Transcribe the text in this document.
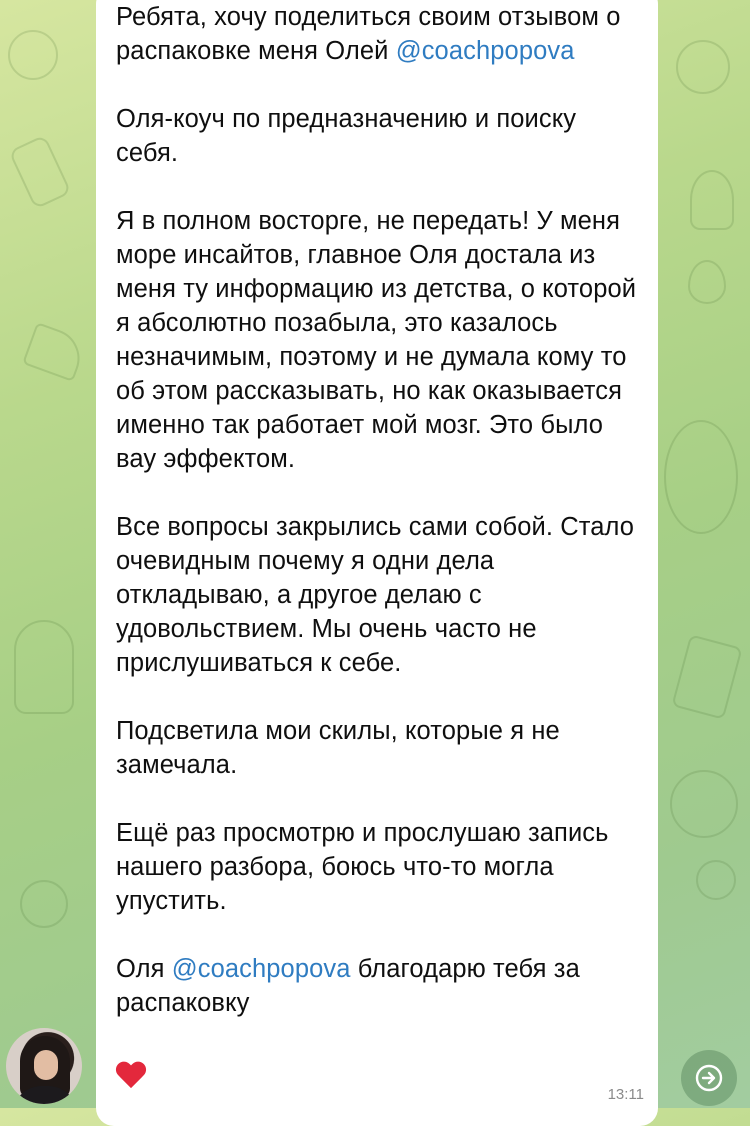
Ребята, хочу поделиться своим отзывом о распаковке меня Олей @coachpopova

Оля-коуч по предназначению и поиску себя.

Я в полном восторге, не передать! У меня море инсайтов, главное Оля достала из меня ту информацию из детства, о которой я абсолютно позабыла, это казалось незначимым, поэтому и не думала кому то об этом рассказывать, но как оказывается именно так работает мой мозг. Это было вау эффектом.

Все вопросы закрылись сами собой. Стало очевидным почему я одни дела откладываю, а другое делаю с удовольствием. Мы очень часто не прислушиваться к себе.

Подсветила мои скилы, которые я не замечала.

Ещё раз просмотрю и прослушаю запись нашего разбора, боюсь что-то могла упустить.

Оля @coachpopova благодарю тебя за распаковку

13:11
